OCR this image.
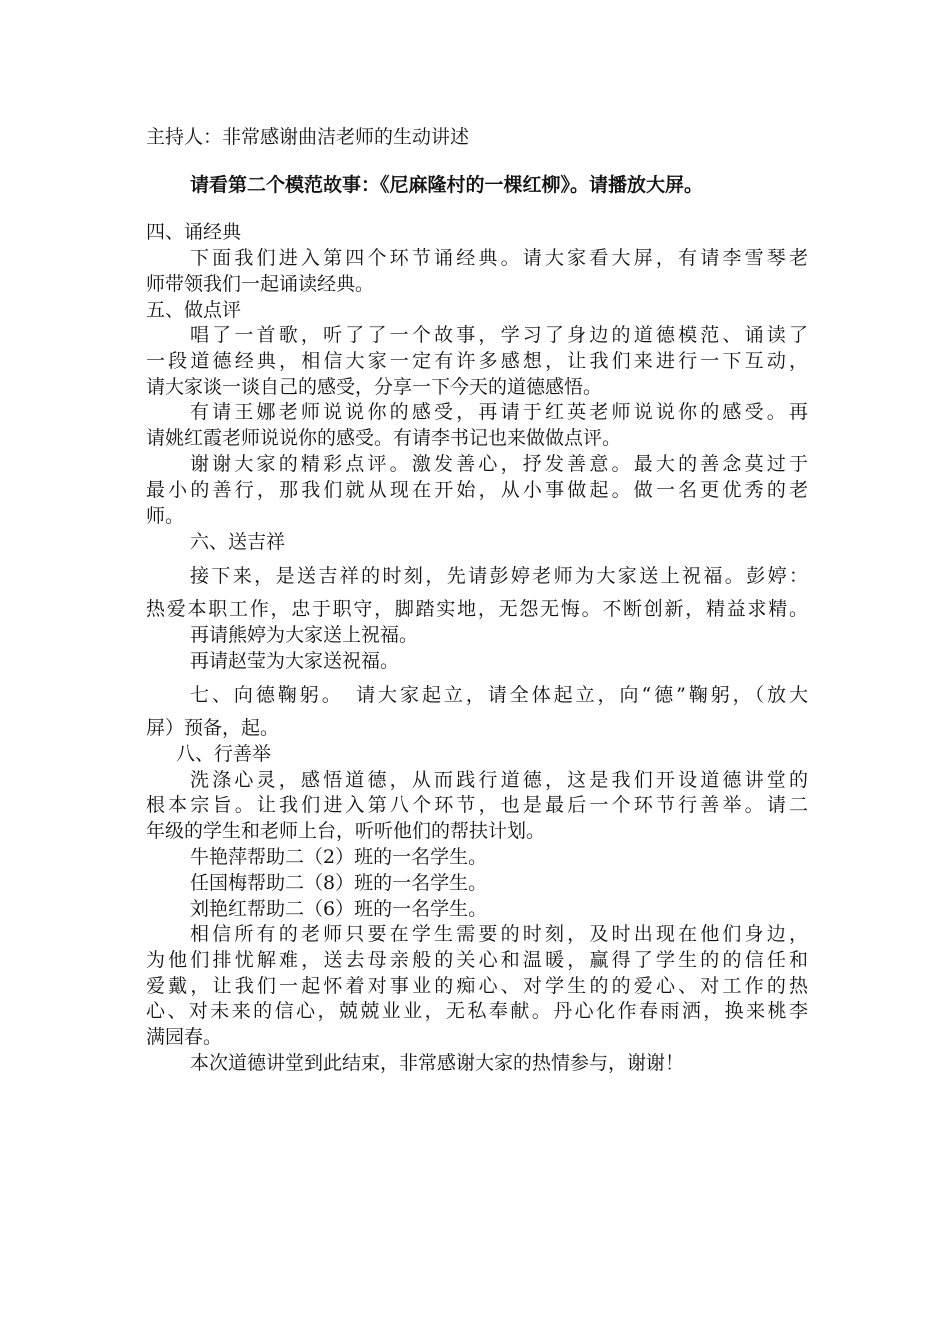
主持人：非常感谢曲洁老师的生动讲述
请看第二个模范故事：《尼麻隆村的一棵红柳》。请播放大屏。
四、诵经典
下面我们进入第四个环节诵经典。请大家看大屏，有请李雪琴老
师带领我们一起诵读经典。
五、做点评
唱了一首歌，听了了一个故事，学习了身边的道德模范、诵读了
一段道德经典，相信大家一定有许多感想，让我们来进行一下互动，
请大家谈一谈自己的感受，分享一下今天的道德感悟。
有请王娜老师说说你的感受，再请于红英老师说说你的感受。再
请姚红霞老师说说你的感受。有请李书记也来做做点评。
谢谢大家的精彩点评。激发善心，抒发善意。最大的善念莫过于
最小的善行，那我们就从现在开始，从小事做起。做一名更优秀的老
师。
六、送吉祥
接下来，是送吉祥的时刻，先请彭婷老师为大家送上祝福。彭婷：
热爱本职工作，忠于职守，脚踏实地，无怨无悔。不断创新，精益求精。
再请熊婷为大家送上祝福。
再请赵莹为大家送祝福。
七、向德鞠躬。　请大家起立，请全体起立，向“德”鞠躬，（放大
屏）预备，起。
八、行善举
洗涤心灵，感悟道德，从而践行道德，这是我们开设道德讲堂的
根本宗旨。让我们进入第八个环节，也是最后一个环节行善举。请二
年级的学生和老师上台，听听他们的帮扶计划。
牛艳萍帮助二（2）班的一名学生。
任国梅帮助二（8）班的一名学生。
刘艳红帮助二（6）班的一名学生。
相信所有的老师只要在学生需要的时刻，及时出现在他们身边，
为他们排忧解难，送去母亲般的关心和温暖，赢得了学生的的信任和
爱戴，让我们一起怀着对事业的痴心、对学生的的爱心、对工作的热
心、对未来的信心，兢兢业业，无私奉献。丹心化作春雨洒，换来桃李
满园春。
本次道德讲堂到此结束，非常感谢大家的热情参与，谢谢！
